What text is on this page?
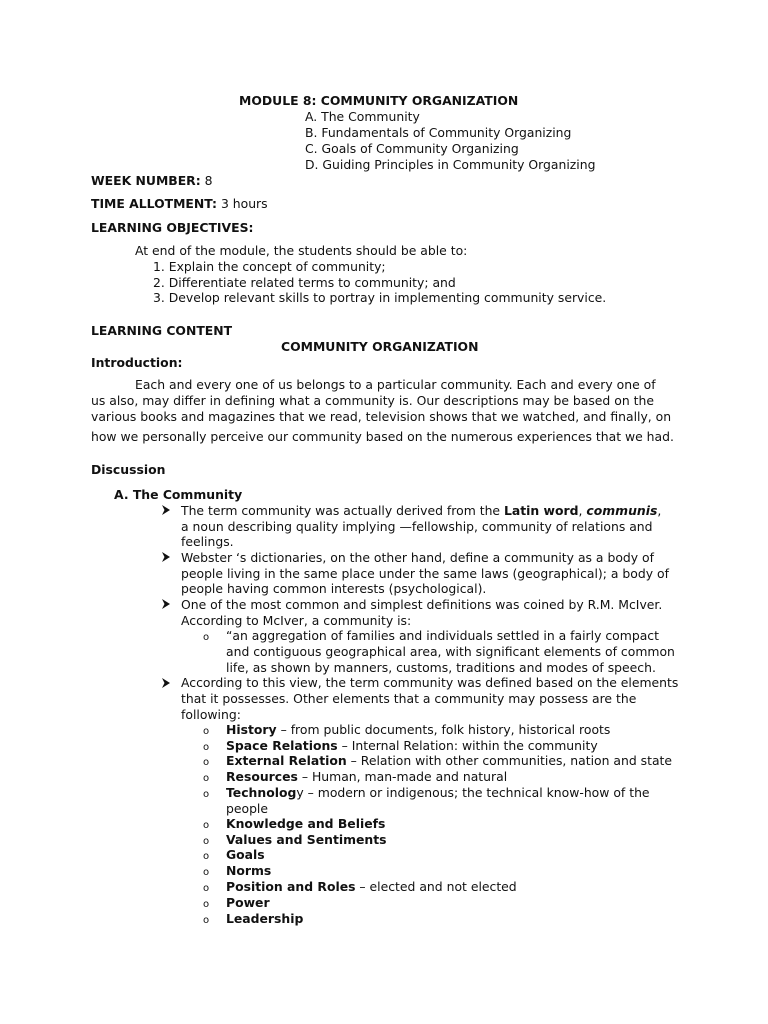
MODULE 8: COMMUNITY ORGANIZATION
A. The Community
B. Fundamentals of Community Organizing
C. Goals of Community Organizing
D. Guiding Principles in Community Organizing
WEEK NUMBER: 8
TIME ALLOTMENT: 3 hours
LEARNING OBJECTIVES:
At end of the module, the students should be able to:
1. Explain the concept of community;
2. Differentiate related terms to community; and
3. Develop relevant skills to portray in implementing community service.
LEARNING CONTENT
COMMUNITY ORGANIZATION
Introduction:
Each and every one of us belongs to a particular community. Each and every one of
us also, may differ in defining what a community is. Our descriptions may be based on the
various books and magazines that we read, television shows that we watched, and finally, on
how we personally perceive our community based on the numerous experiences that we had.
Discussion
A. The Community
The term community was actually derived from the Latin word, communis,
a noun describing quality implying —fellowship, community of relations and
feelings.
Webster ‘s dictionaries, on the other hand, define a community as a body of
people living in the same place under the same laws (geographical); a body of
people having common interests (psychological).
One of the most common and simplest definitions was coined by R.M. McIver.
According to McIver, a community is:
o “an aggregation of families and individuals settled in a fairly compact
and contiguous geographical area, with significant elements of common
life, as shown by manners, customs, traditions and modes of speech.
According to this view, the term community was defined based on the elements
that it possesses. Other elements that a community may possess are the
following:
o History – from public documents, folk history, historical roots
o Space Relations – Internal Relation: within the community
o External Relation – Relation with other communities, nation and state
o Resources – Human, man-made and natural
o Technology – modern or indigenous; the technical know-how of the
people
o Knowledge and Beliefs
o Values and Sentiments
o Goals
o Norms
o Position and Roles – elected and not elected
o Power
o Leadership
